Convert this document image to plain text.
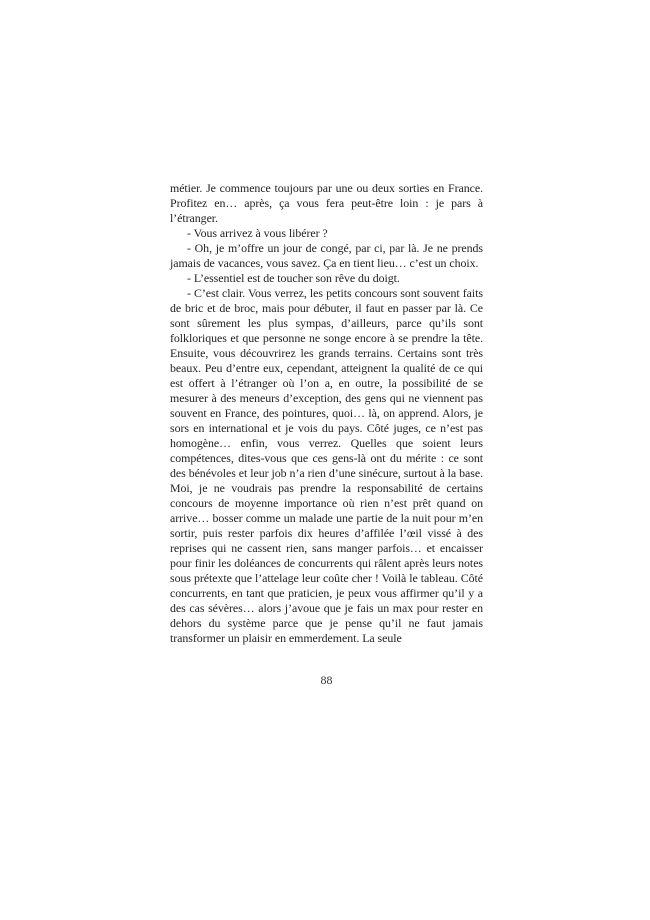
métier. Je commence toujours par une ou deux sorties en France. Profitez en… après, ça vous fera peut-être loin : je pars à l’étranger.
- Vous arrivez à vous libérer ?
- Oh, je m’offre un jour de congé, par ci, par là. Je ne prends jamais de vacances, vous savez. Ça en tient lieu… c’est un choix.
- L’essentiel est de toucher son rêve du doigt.
- C’est clair. Vous verrez, les petits concours sont souvent faits de bric et de broc, mais pour débuter, il faut en passer par là. Ce sont sûrement les plus sympas, d’ailleurs, parce qu’ils sont folkloriques et que personne ne songe encore à se prendre la tête. Ensuite, vous découvrirez les grands terrains. Certains sont très beaux. Peu d’entre eux, cependant, atteignent la qualité de ce qui est offert à l’étranger où l’on a, en outre, la possibilité de se mesurer à des meneurs d’exception, des gens qui ne viennent pas souvent en France, des pointures, quoi… là, on apprend. Alors, je sors en international et je vois du pays. Côté juges, ce n’est pas homogène… enfin, vous verrez. Quelles que soient leurs compétences, dites-vous que ces gens-là ont du mérite : ce sont des bénévoles et leur job n’a rien d’une sinécure, surtout à la base. Moi, je ne voudrais pas prendre la responsabilité de certains concours de moyenne importance où rien n’est prêt quand on arrive… bosser comme un malade une partie de la nuit pour m’en sortir, puis rester parfois dix heures d’affilée l’œil vissé à des reprises qui ne cassent rien, sans manger parfois… et encaisser pour finir les doléances de concurrents qui râlent après leurs notes sous prétexte que l’attelage leur coûte cher ! Voilà le tableau. Côté concurrents, en tant que praticien, je peux vous affirmer qu’il y a des cas sévères… alors j’avoue que je fais un max pour rester en dehors du système parce que je pense qu’il ne faut jamais transformer un plaisir en emmerdement. La seule
88
